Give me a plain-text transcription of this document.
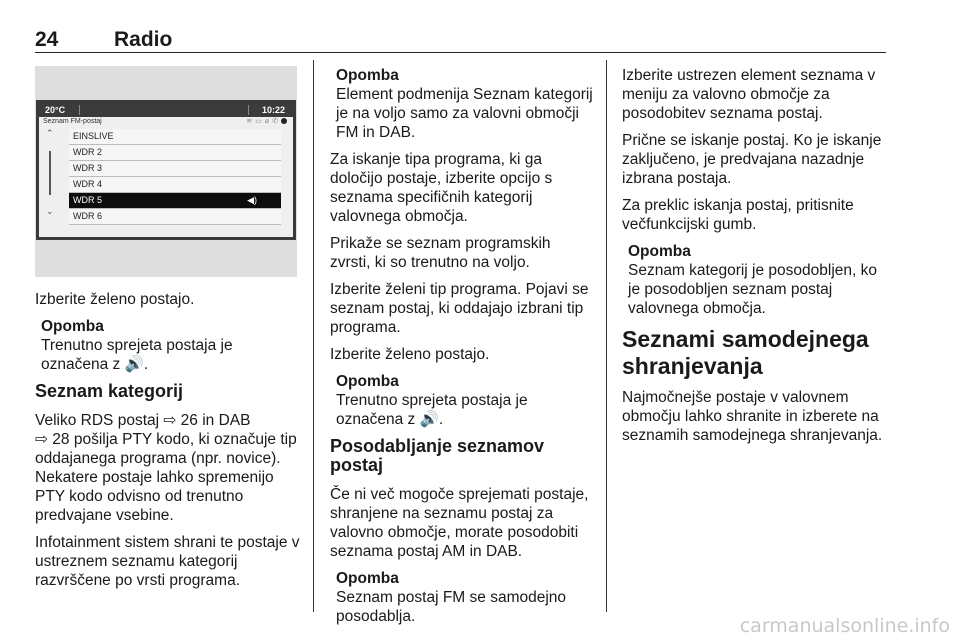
24	Radio
20°C	10:22
Seznam FM-postaj	≋▭⌀✆
⌃
⌄
EINSLIVE
WDR 2
WDR 3
WDR 4
WDR 5	◀)
WDR 6

Izberite želeno postajo.

Opomba
Trenutno sprejeta postaja je označena z 🔊.
Seznam kategorij

Veliko RDS postaj ⇨ 26 in DAB
⇨ 28 pošilja PTY kodo, ki označuje tip oddajanega programa (npr. novice). Nekatere postaje lahko spremenijo PTY kodo odvisno od trenutno predvajane vsebine.

Infotainment sistem shrani te postaje v ustreznem seznamu kategorij razvrščene po vrsti programa.

Opomba
Element podmenija Seznam kategorij je na voljo samo za valovni območji FM in DAB.

Za iskanje tipa programa, ki ga določijo postaje, izberite opcijo s seznama specifičnih kategorij valovnega območja.

Prikaže se seznam programskih zvrsti, ki so trenutno na voljo.

Izberite želeni tip programa. Pojavi se seznam postaj, ki oddajajo izbrani tip programa.

Izberite želeno postajo.

Opomba
Trenutno sprejeta postaja je označena z 🔊.
Posodabljanje seznamov postaj

Če ni več mogoče sprejemati postaje, shranjene na seznamu postaj za valovno območje, morate posodobiti seznama postaj AM in DAB.

Opomba
Seznam postaj FM se samodejno posodablja.

Izberite ustrezen element seznama v meniju za valovno območje za posodobitev seznama postaj.

Prične se iskanje postaj. Ko je iskanje zaključeno, je predvajana nazadnje izbrana postaja.

Za preklic iskanja postaj, pritisnite večfunkcijski gumb.

Opomba
Seznam kategorij je posodobljen, ko je posodobljen seznam postaj valovnega območja.
Seznami samodejnega shranjevanja

Najmočnejše postaje v valovnem območju lahko shranite in izberete na seznamih samodejnega shranjevanja.

carmanualsonline.info
